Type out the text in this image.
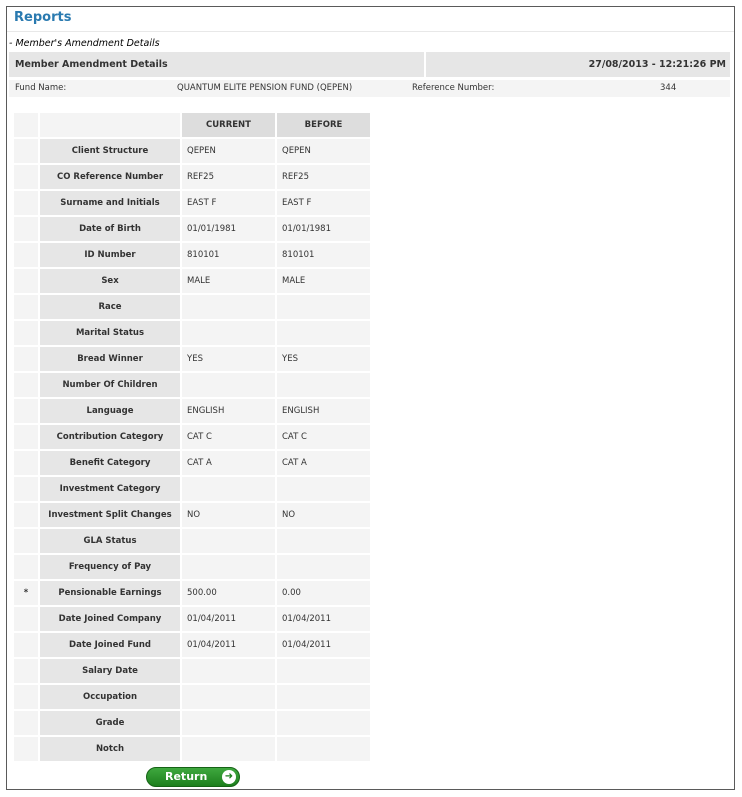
Reports
- Member's Amendment Details
Member Amendment Details	27/08/2013 - 12:21:26 PM
Fund Name:	QUANTUM ELITE PENSION FUND (QEPEN)	Reference Number:	344
		CURRENT	BEFORE
	Client Structure	QEPEN	QEPEN
	CO Reference Number	REF25	REF25
	Surname and Initials	EAST F	EAST F
	Date of Birth	01/01/1981	01/01/1981
	ID Number	810101	810101
	Sex	MALE	MALE
	Race		
	Marital Status		
	Bread Winner	YES	YES
	Number Of Children		
	Language	ENGLISH	ENGLISH
	Contribution Category	CAT C	CAT C
	Benefit Category	CAT A	CAT A
	Investment Category		
	Investment Split Changes	NO	NO
	GLA Status		
	Frequency of Pay		
*	Pensionable Earnings	500.00	0.00
	Date Joined Company	01/04/2011	01/04/2011
	Date Joined Fund	01/04/2011	01/04/2011
	Salary Date		
	Occupation		
	Grade		
	Notch		
Return ➜
